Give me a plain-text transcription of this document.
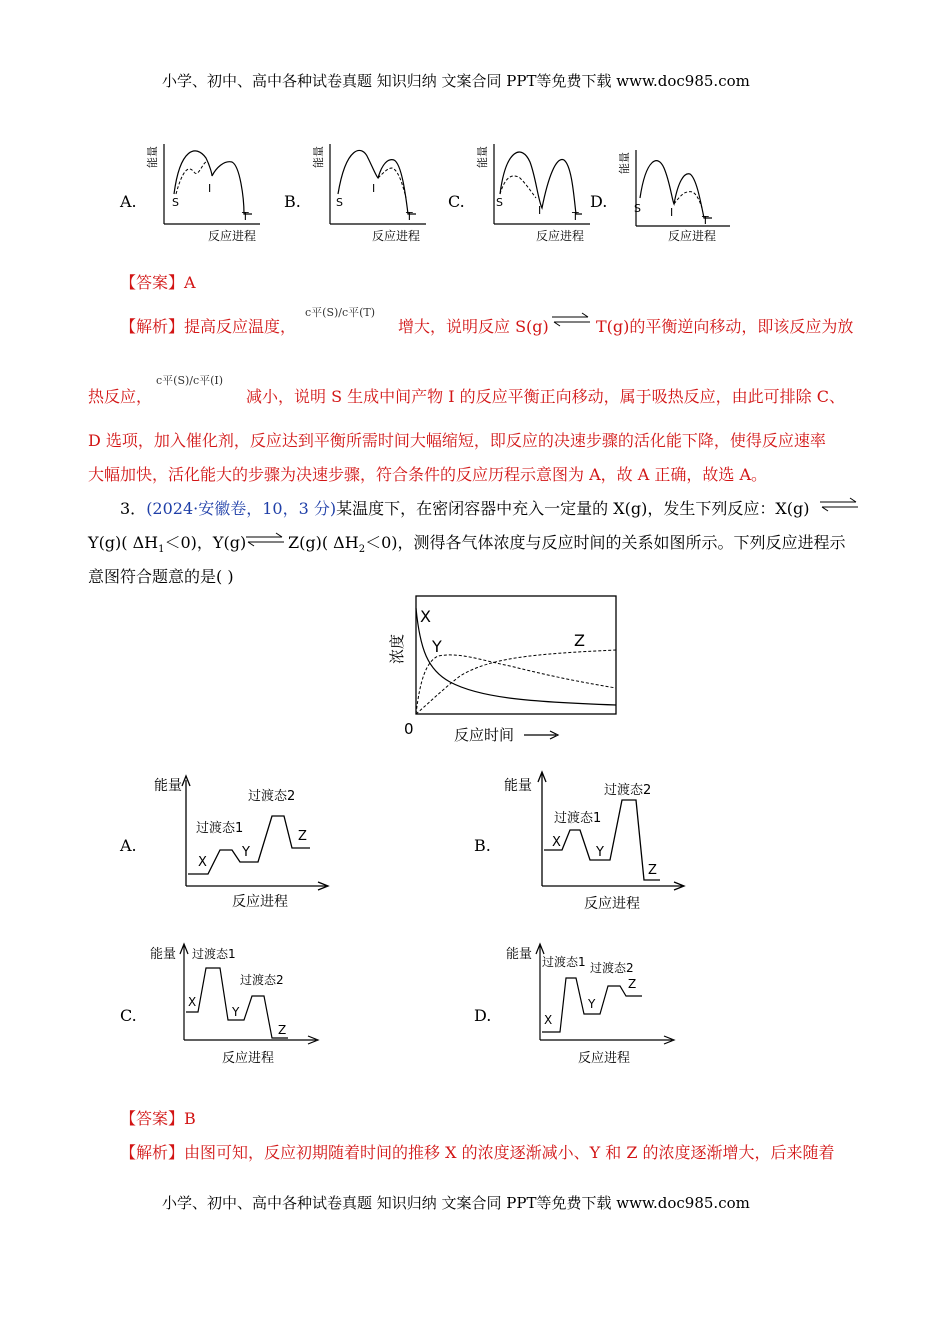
小学、初中、高中各种试卷真题 知识归纳 文案合同 PPT等免费下载 www.doc985.com
小学、初中、高中各种试卷真题 知识归纳 文案合同 PPT等免费下载 www.doc985.com
A.	B.	C.	D.
能量
S
I
T
反应进程
能量
S
I
T
反应进程
能量
S
I	T
反应进程
能量
S	I
T
反应进程
【答案】A
【解析】提高反应温度，
c平(S)/c平(T)
增大，说明反应 S(g)	T(g)的平衡逆向移动，即该反应为放
热反应，
c平(S)/c平(I)
减小，说明 S 生成中间产物 I 的反应平衡正向移动，属于吸热反应，由此可排除 C、
D 选项，加入催化剂，反应达到平衡所需时间大幅缩短，即反应的决速步骤的活化能下降，使得反应速率
大幅加快，活化能大的步骤为决速步骤，符合条件的反应历程示意图为 A，故 A 正确，故选 A。
3．(2024·安徽卷，10，3 分)某温度下，在密闭容器中充入一定量的 X(g)，发生下列反应：X(g)
Y(g)( $\Delta H_1<0$)，Y(g)	Z(g)( $\Delta H_2<0$)，测得各气体浓度与反应时间的关系如图所示。下列反应进程示
意图符合题意的是( )
X
Y	Z
0
浓度
反应时间
A.	B.
C.	D.
能量
X
Y
Z
过渡态1
过渡态2
反应进程
能量
X
Y
Z
过渡态1
过渡态2
反应进程
能量
X
Y
Z
过渡态1
过渡态2
反应进程
能量
X
Y
Z
过渡态1 过渡态2
反应进程
【答案】B
【解析】由图可知，反应初期随着时间的推移 X 的浓度逐渐减小、Y 和 Z 的浓度逐渐增大，后来随着
